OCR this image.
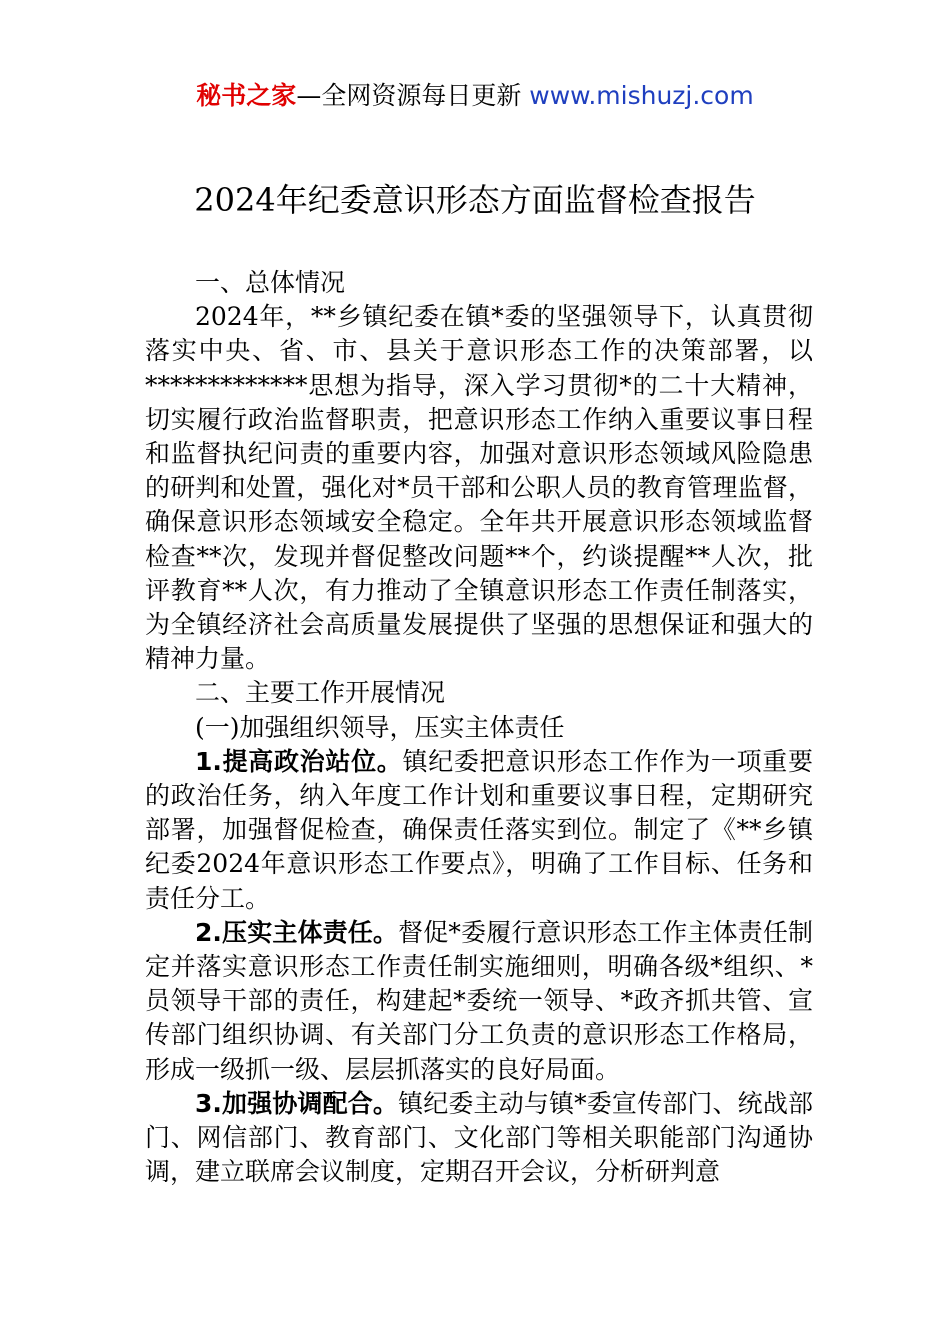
秘书之家—全网资源每日更新 www.mishuzj.com
2024年纪委意识形态方面监督检查报告

一、总体情况

2024年，**乡镇纪委在镇*委的坚强领导下，认真贯彻落实中央、省、市、县关于意识形态工作的决策部署，以*************思想为指导，深入学习贯彻*的二十大精神，切实履行政治监督职责，把意识形态工作纳入重要议事日程和监督执纪问责的重要内容，加强对意识形态领域风险隐患的研判和处置，强化对*员干部和公职人员的教育管理监督，确保意识形态领域安全稳定。全年共开展意识形态领域监督检查**次，发现并督促整改问题**个，约谈提醒**人次，批评教育**人次，有力推动了全镇意识形态工作责任制落实，为全镇经济社会高质量发展提供了坚强的思想保证和强大的精神力量。

二、主要工作开展情况

(一)加强组织领导，压实主体责任

1.提高政治站位。镇纪委把意识形态工作作为一项重要的政治任务，纳入年度工作计划和重要议事日程，定期研究部署，加强督促检查，确保责任落实到位。制定了《**乡镇纪委2024年意识形态工作要点》，明确了工作目标、任务和责任分工。

2.压实主体责任。督促*委履行意识形态工作主体责任制定并落实意识形态工作责任制实施细则，明确各级*组织、*员领导干部的责任，构建起*委统一领导、*政齐抓共管、宣传部门组织协调、有关部门分工负责的意识形态工作格局，形成一级抓一级、层层抓落实的良好局面。

3.加强协调配合。镇纪委主动与镇*委宣传部门、统战部门、网信部门、教育部门、文化部门等相关职能部门沟通协调，建立联席会议制度，定期召开会议，分析研判意
